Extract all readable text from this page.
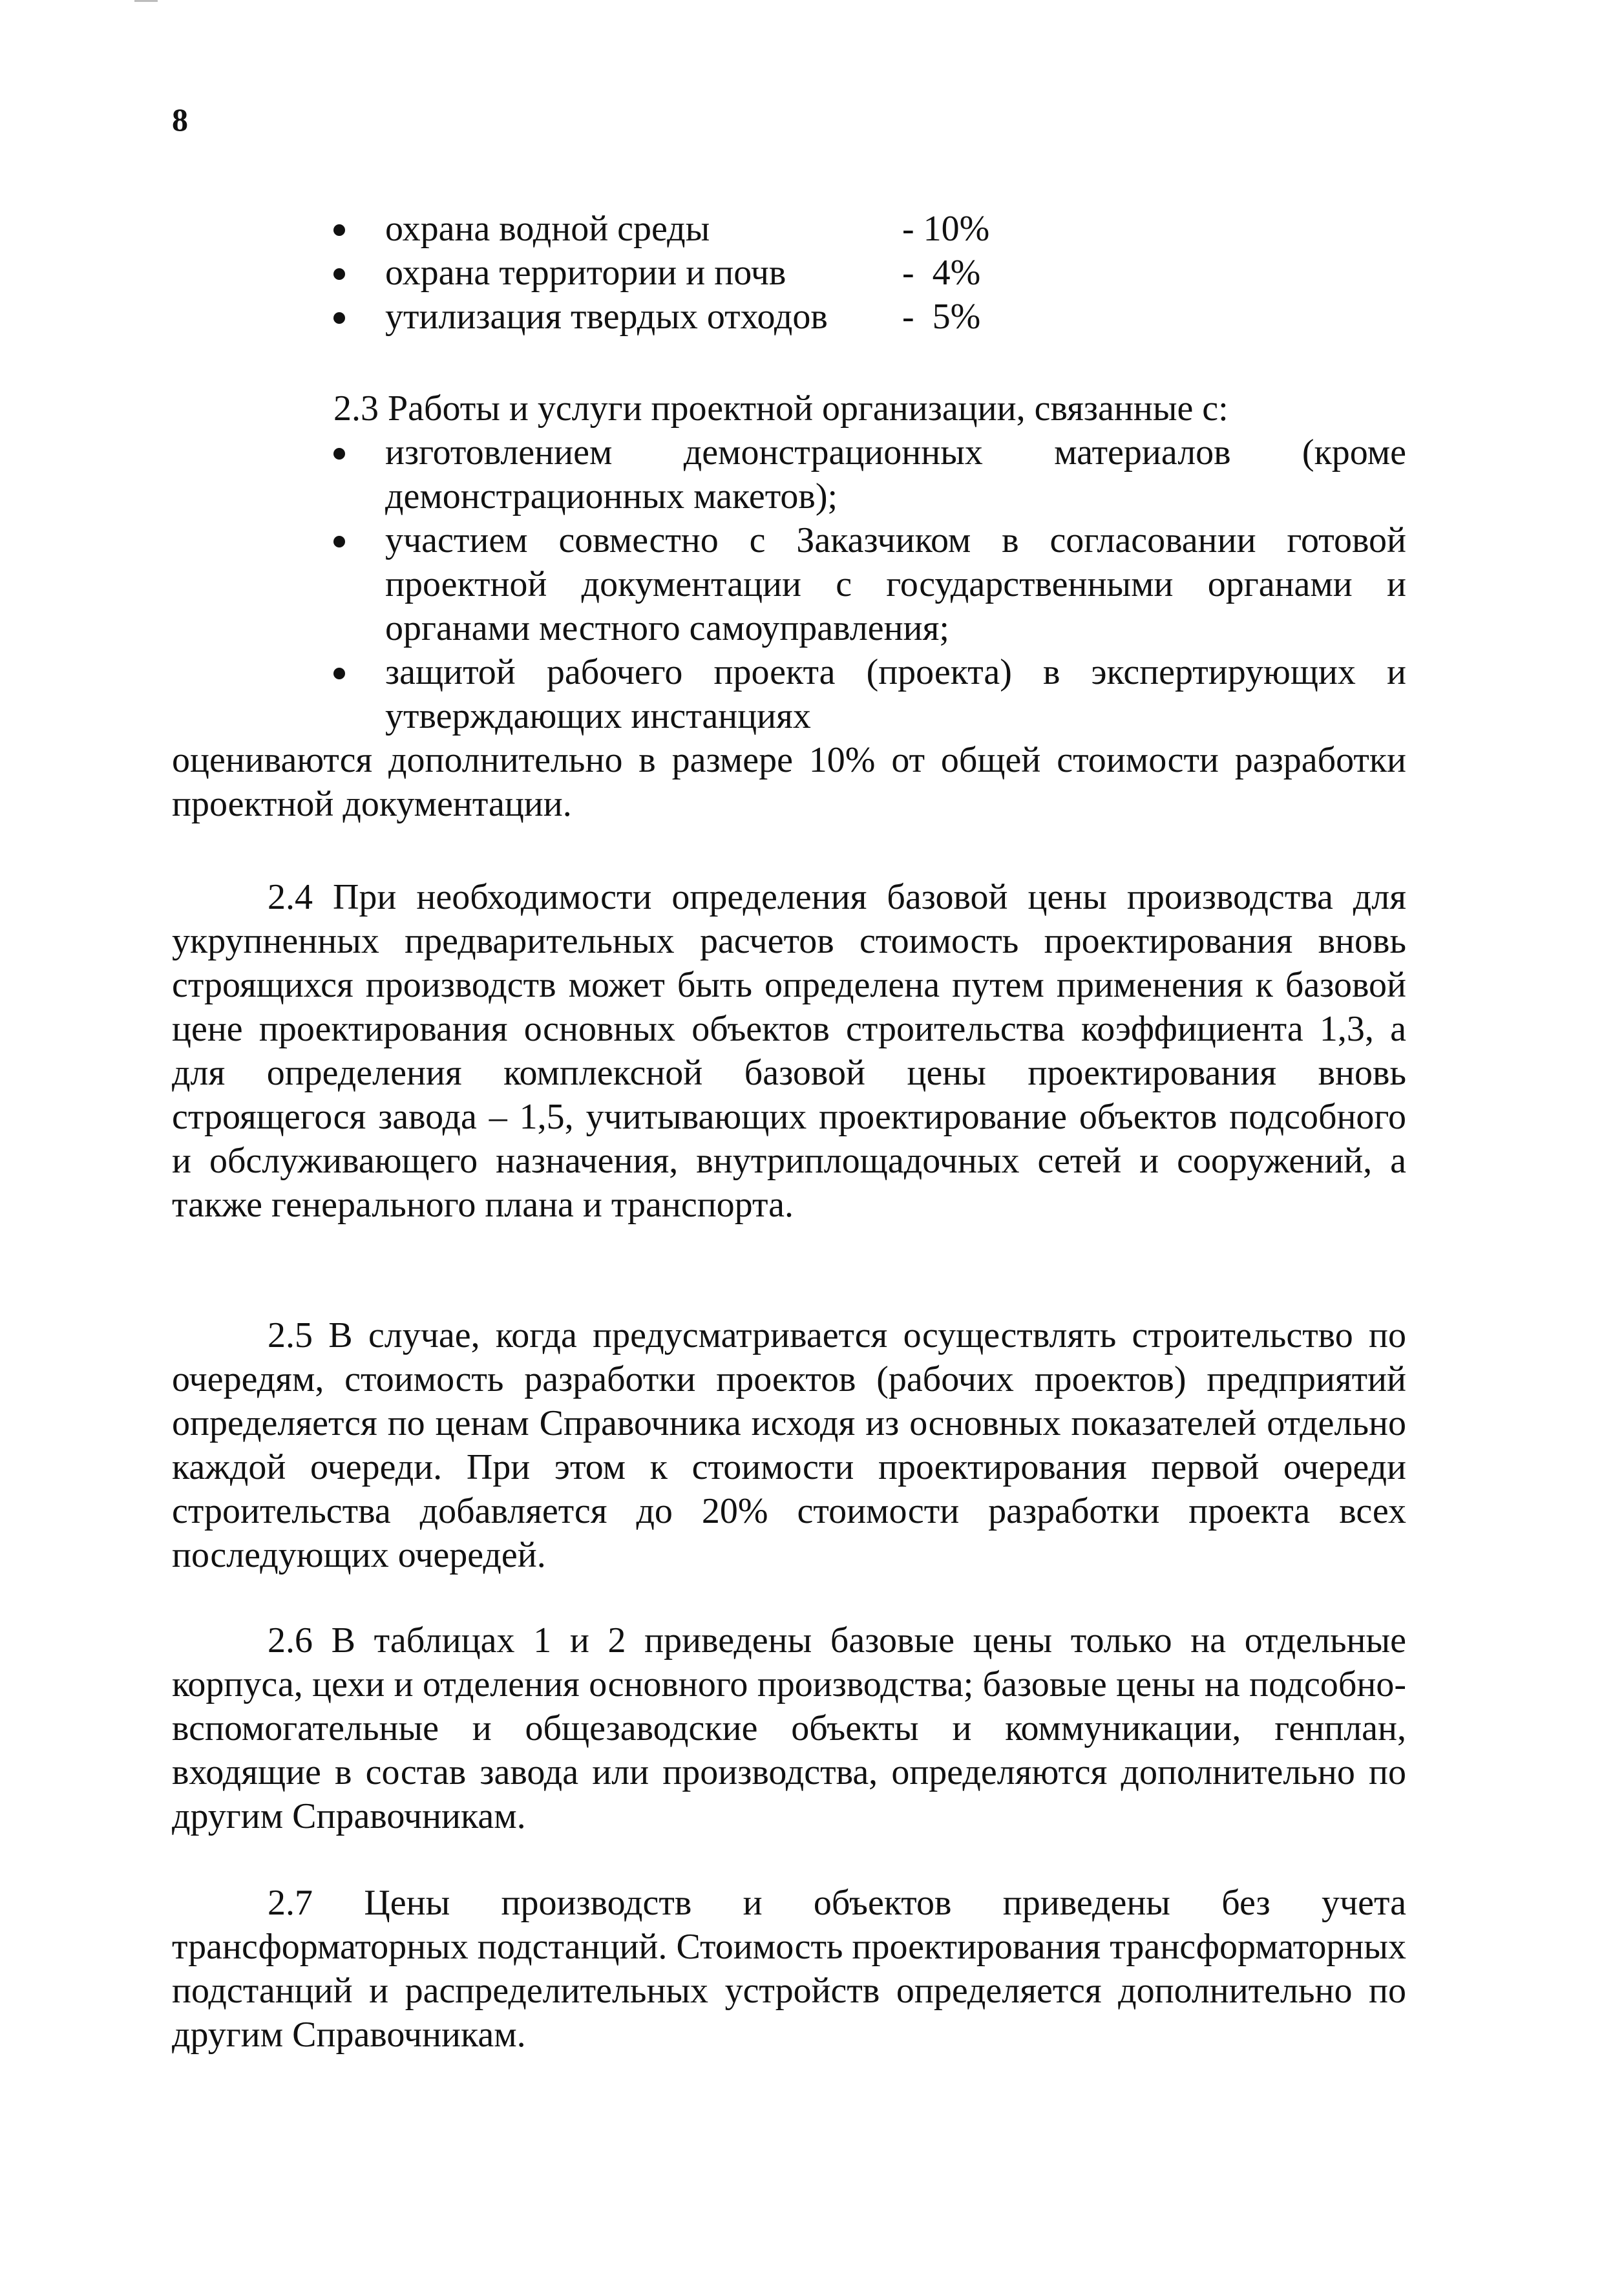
8
охрана водной среды	- 10%
охрана территории и почв	-  4%
утилизация твердых отходов -  5%

2.3 Работы и услуги проектной организации, связанные с:

изготовлением демонстрационных материалов (кроме демонстрационных макетов);
участием совместно с Заказчиком в согласовании готовой проектной документации с государственными органами и органами местного самоуправления;
защитой рабочего проекта (проекта) в экспертирующих и утверждающих инстанциях

оцениваются дополнительно в размере 10% от общей стоимости разработки проектной документации.

2.4 При необходимости определения базовой цены производства для укрупненных предварительных расчетов стоимость проектирования вновь строящихся производств может быть определена путем применения к базовой цене проектирования основных объектов строительства коэффициента 1,3, а для определения комплексной базовой цены проектирования вновь строящегося завода – 1,5, учитывающих проектирование объектов подсобного и обслуживающего назначения, внутриплощадочных сетей и сооружений, а также генерального плана и транспорта.

2.5 В случае, когда предусматривается осуществлять строительство по очередям, стоимость разработки проектов (рабочих проектов) предприятий определяется по ценам Справочника исходя из основных показателей отдельно каждой очереди. При этом к стоимости проектирования первой очереди строительства добавляется до 20% стоимости разработки проекта всех последующих очередей.

2.6 В таблицах 1 и 2 приведены базовые цены только на отдельные корпуса, цехи и отделения основного производства; базовые цены на подсобно-вспомогательные и общезаводские объекты и коммуникации, генплан, входящие в состав завода или производства, определяются дополнительно по другим Справочникам.

2.7 Цены производств и объектов приведены без учета трансформаторных подстанций. Стоимость проектирования трансформаторных подстанций и распределительных устройств определяется дополнительно по другим Справочникам.
